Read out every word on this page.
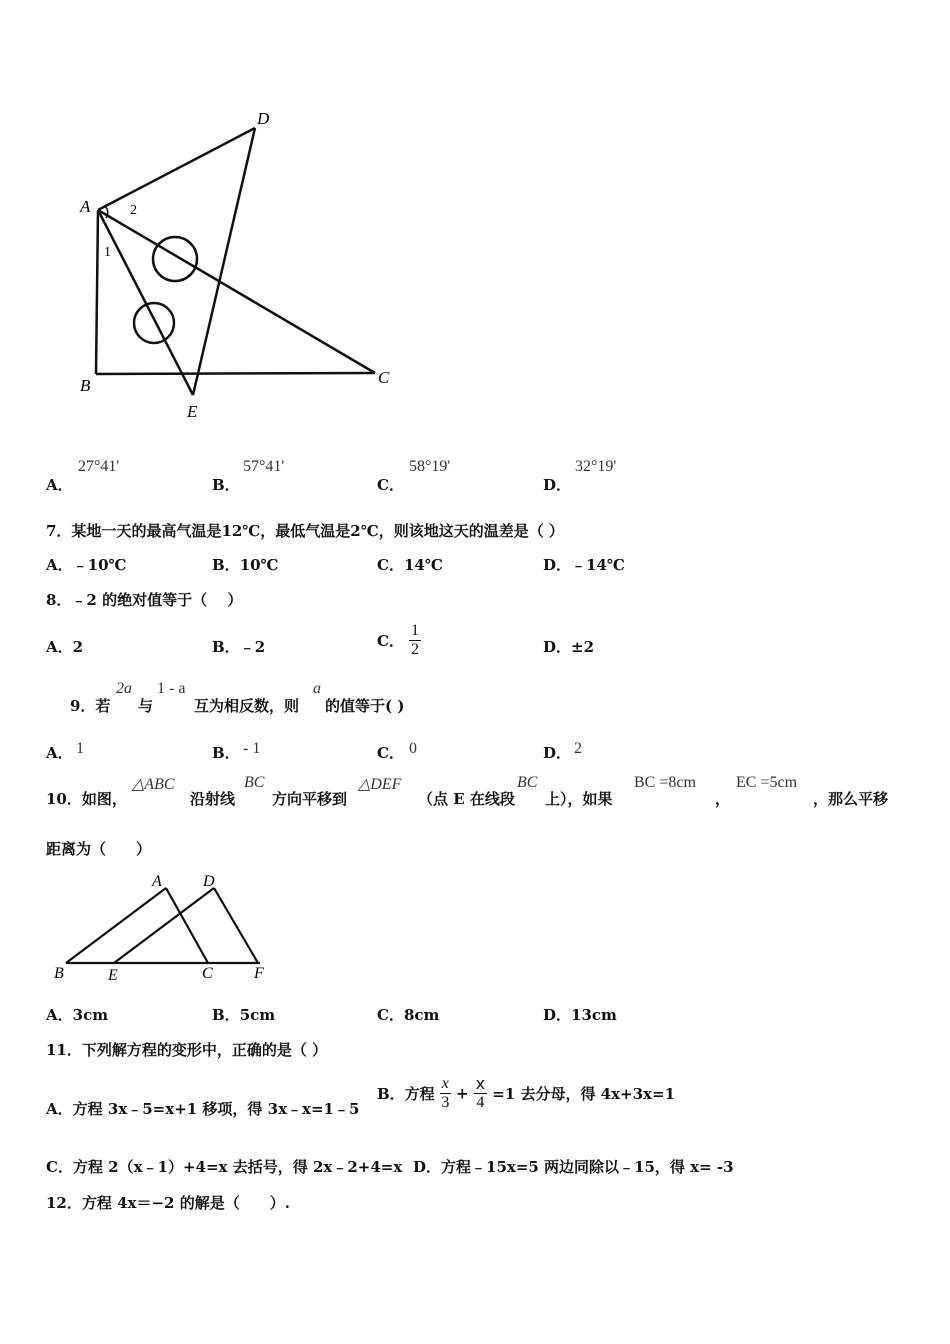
D
A	2
1
B	C
E
A．
27°41'
B．
57°41'
C．
58°19'
D．
32°19'
7．某地一天的最高气温是12℃，最低气温是2℃，则该地这天的温差是（ ）
A．﹣10℃	B．10℃	C．14℃	D．﹣14℃
8．﹣2 的绝对值等于（　 ）
A．2	B．﹣2	C． $\frac{1}{2}$	D．±2
9．若
2a
与
1 - a
互为相反数，则
a
的值等于( )
A． 1	B． - 1	C． 0	D． 2
10．如图，
△ABC
沿射线
BC
方向平移到
△DEF
（点 E 在线段
BC
上），如果
BC =8cm
，
EC =5cm
，那么平移
距离为（　　）
A	D
B	E	C	F
A．3cm	B．5cm	C．8cm	D．13cm
11．下列解方程的变形中，正确的是（ ）
A．方程 3x﹣5=x+1 移项，得 3x﹣x=1﹣5
B．方程 $\frac{x}{3} + \frac{x}{4} =1$ 去分母，得 4x+3x=1
C．方程 2（x﹣1）+4=x 去括号，得 2x﹣2+4=x D．方程﹣15x=5 两边同除以﹣15，得 x= -3
12．方程 4x＝−2 的解是（　　）.
